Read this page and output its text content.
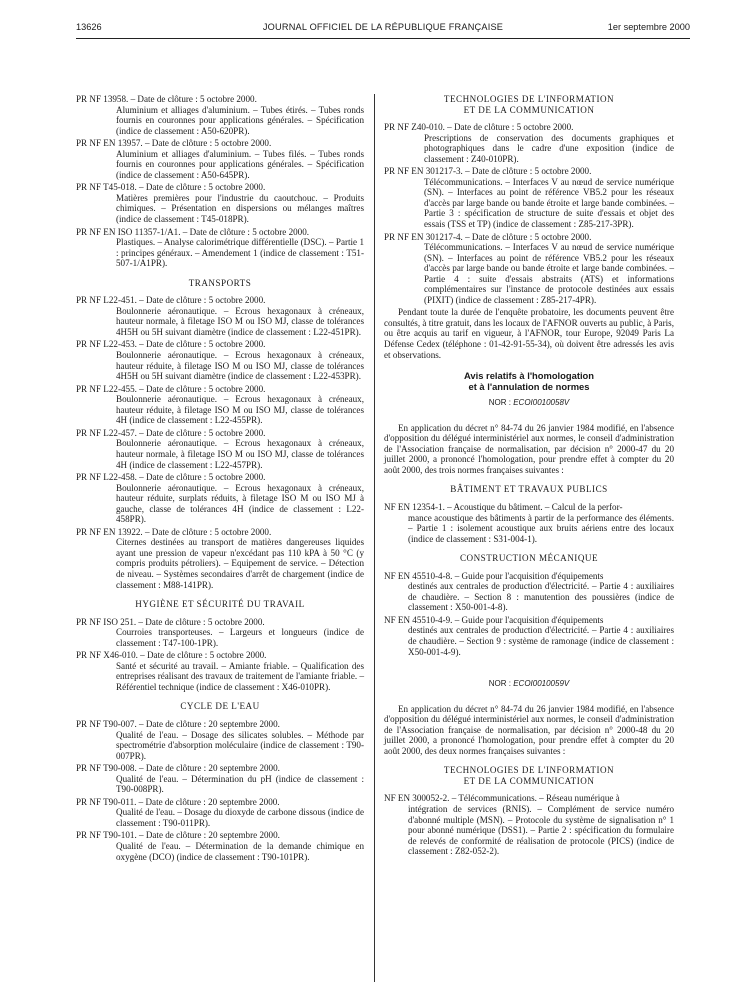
13626	JOURNAL OFFICIEL DE LA RÉPUBLIQUE FRANÇAISE	1er septembre 2000
PR NF 13958. – Date de clôture : 5 octobre 2000.
Aluminium et alliages d'aluminium. – Tubes étirés. – Tubes ronds fournis en couronnes pour applications générales. – Spécification (indice de classement : A50-620PR).
PR NF EN 13957. – Date de clôture : 5 octobre 2000.
Aluminium et alliages d'aluminium. – Tubes filés. – Tubes ronds fournis en couronnes pour applications générales. – Spécification (indice de classement : A50-645PR).
PR NF T45-018. – Date de clôture : 5 octobre 2000.
Matières premières pour l'industrie du caoutchouc. – Produits chimiques. – Présentation en dispersions ou mélanges maîtres (indice de classement : T45-018PR).
PR NF EN ISO 11357-1/A1. – Date de clôture : 5 octobre 2000.
Plastiques. – Analyse calorimétrique différentielle (DSC). – Partie 1 : principes généraux. – Amendement 1 (indice de classement : T51-507-1/A1PR).
TRANSPORTS
PR NF L22-451. – Date de clôture : 5 octobre 2000.
Boulonnerie aéronautique. – Ecrous hexagonaux à créneaux, hauteur normale, à filetage ISO M ou ISO MJ, classe de tolérances 4H5H ou 5H suivant diamètre (indice de classement : L22-451PR).
PR NF L22-453. – Date de clôture : 5 octobre 2000.
Boulonnerie aéronautique. – Ecrous hexagonaux à créneaux, hauteur réduite, à filetage ISO M ou ISO MJ, classe de tolérances 4H5H ou 5H suivant diamètre (indice de classement : L22-453PR).
PR NF L22-455. – Date de clôture : 5 octobre 2000.
Boulonnerie aéronautique. – Ecrous hexagonaux à créneaux, hauteur réduite, à filetage ISO M ou ISO MJ, classe de tolérances 4H (indice de classement : L22-455PR).
PR NF L22-457. – Date de clôture : 5 octobre 2000.
Boulonnerie aéronautique. – Ecrous hexagonaux à créneaux, hauteur normale, à filetage ISO M ou ISO MJ, classe de tolérances 4H (indice de classement : L22-457PR).
PR NF L22-458. – Date de clôture : 5 octobre 2000.
Boulonnerie aéronautique. – Ecrous hexagonaux à créneaux, hauteur réduite, surplats réduits, à filetage ISO M ou ISO MJ à gauche, classe de tolérances 4H (indice de classement : L22-458PR).
PR NF EN 13922. – Date de clôture : 5 octobre 2000.
Citernes destinées au transport de matières dangereuses liquides ayant une pression de vapeur n'excédant pas 110 kPA à 50 °C (y compris produits pétroliers). – Equipement de service. – Détection de niveau. – Systèmes secondaires d'arrêt de chargement (indice de classement : M88-141PR).
HYGIÈNE ET SÉCURITÉ DU TRAVAIL
PR NF ISO 251. – Date de clôture : 5 octobre 2000.
Courroies transporteuses. – Largeurs et longueurs (indice de classement : T47-100-1PR).
PR NF X46-010. – Date de clôture : 5 octobre 2000.
Santé et sécurité au travail. – Amiante friable. – Qualification des entreprises réalisant des travaux de traitement de l'amiante friable. – Référentiel technique (indice de classement : X46-010PR).
CYCLE DE L'EAU
PR NF T90-007. – Date de clôture : 20 septembre 2000.
Qualité de l'eau. – Dosage des silicates solubles. – Méthode par spectrométrie d'absorption moléculaire (indice de classement : T90-007PR).
PR NF T90-008. – Date de clôture : 20 septembre 2000.
Qualité de l'eau. – Détermination du pH (indice de classement : T90-008PR).
PR NF T90-011. – Date de clôture : 20 septembre 2000.
Qualité de l'eau. – Dosage du dioxyde de carbone dissous (indice de classement : T90-011PR).
PR NF T90-101. – Date de clôture : 20 septembre 2000.
Qualité de l'eau. – Détermination de la demande chimique en oxygène (DCO) (indice de classement : T90-101PR).
TECHNOLOGIES DE L'INFORMATION
ET DE LA COMMUNICATION
PR NF Z40-010. – Date de clôture : 5 octobre 2000.
Prescriptions de conservation des documents graphiques et photographiques dans le cadre d'une exposition (indice de classement : Z40-010PR).
PR NF EN 301217-3. – Date de clôture : 5 octobre 2000.
Télécommunications. – Interfaces V au nœud de service numérique (SN). – Interfaces au point de référence VB5.2 pour les réseaux d'accès par large bande ou bande étroite et large bande combinées. – Partie 3 : spécification de structure de suite d'essais et objet des essais (TSS et TP) (indice de classement : Z85-217-3PR).
PR NF EN 301217-4. – Date de clôture : 5 octobre 2000.
Télécommunications. – Interfaces V au nœud de service numérique (SN). – Interfaces au point de référence VB5.2 pour les réseaux d'accès par large bande ou bande étroite et large bande combinées. – Partie 4 : suite d'essais abstraits (ATS) et informations complémentaires sur l'instance de protocole destinées aux essais (PIXIT) (indice de classement : Z85-217-4PR).

Pendant toute la durée de l'enquête probatoire, les documents peuvent être consultés, à titre gratuit, dans les locaux de l'AFNOR ouverts au public, à Paris, ou être acquis au tarif en vigueur, à l'AFNOR, tour Europe, 92049 Paris La Défense Cedex (téléphone : 01-42-91-55-34), où doivent être adressés les avis et observations.

Avis relatifs à l'homologation
et à l'annulation de normes
NOR : ECOI0010058V

En application du décret n° 84-74 du 26 janvier 1984 modifié, en l'absence d'opposition du délégué interministériel aux normes, le conseil d'administration de l'Association française de normalisation, par décision n° 2000-47 du 20 juillet 2000, a prononcé l'homologation, pour prendre effet à compter du 20 août 2000, des trois normes françaises suivantes :

BÂTIMENT ET TRAVAUX PUBLICS
NF EN 12354-1. – Acoustique du bâtiment. – Calcul de la perfor-
mance acoustique des bâtiments à partir de la performance des éléments. – Partie 1 : isolement acoustique aux bruits aériens entre des locaux (indice de classement : S31-004-1).
CONSTRUCTION MÉCANIQUE
NF EN 45510-4-8. – Guide pour l'acquisition d'équipements
destinés aux centrales de production d'électricité. – Partie 4 : auxiliaires de chaudière. – Section 8 : manutention des poussières (indice de classement : X50-001-4-8).
NF EN 45510-4-9. – Guide pour l'acquisition d'équipements
destinés aux centrales de production d'électricité. – Partie 4 : auxiliaires de chaudière. – Section 9 : système de ramonage (indice de classement : X50-001-4-9).
NOR : ECOI0010059V

En application du décret n° 84-74 du 26 janvier 1984 modifié, en l'absence d'opposition du délégué interministériel aux normes, le conseil d'administration de l'Association française de normalisation, par décision n° 2000-48 du 20 juillet 2000, a prononcé l'homologation, pour prendre effet à compter du 20 août 2000, des deux normes françaises suivantes :

TECHNOLOGIES DE L'INFORMATION
ET DE LA COMMUNICATION
NF EN 300052-2. – Télécommunications. – Réseau numérique à
intégration de services (RNIS). – Complément de service numéro d'abonné multiple (MSN). – Protocole du système de signalisation n° 1 pour abonné numérique (DSS1). – Partie 2 : spécification du formulaire de relevés de conformité de réalisation de protocole (PICS) (indice de classement : Z82-052-2).
